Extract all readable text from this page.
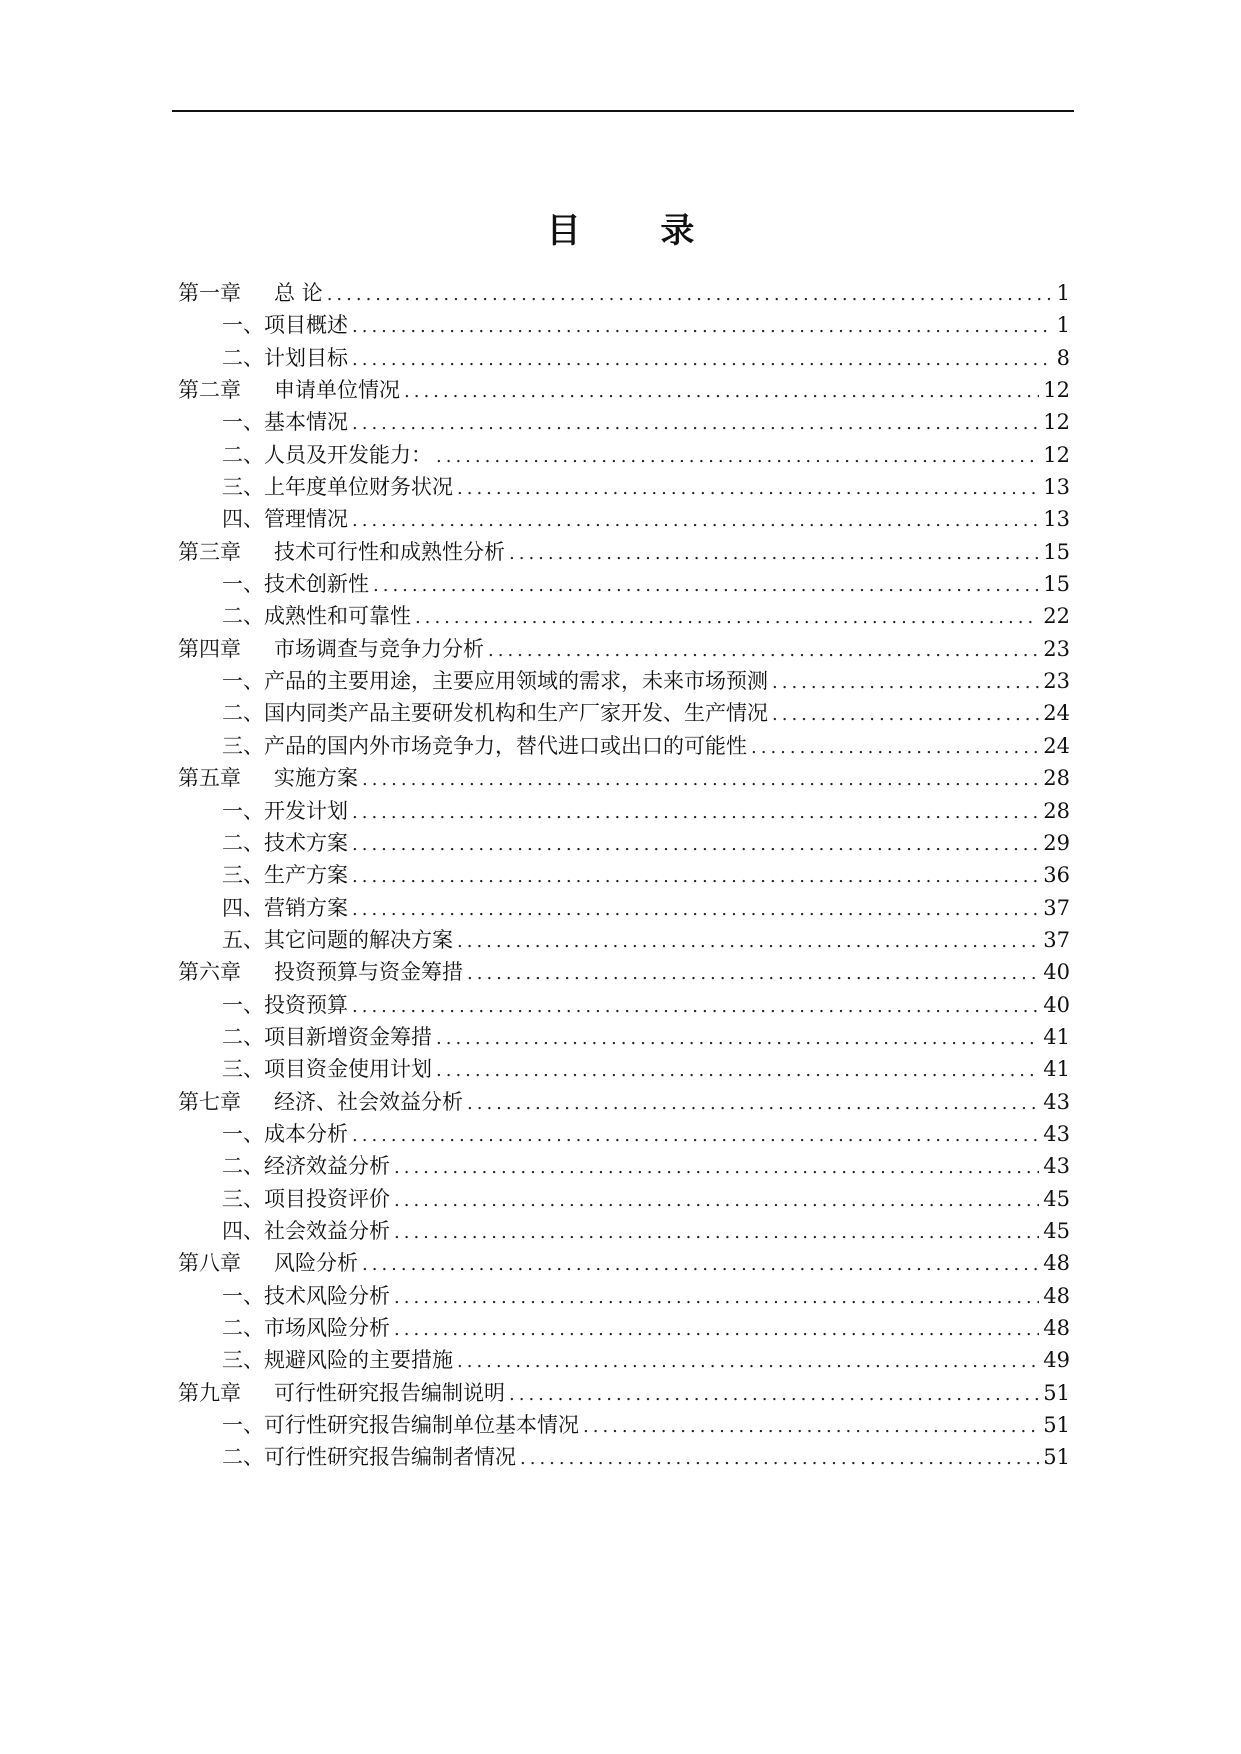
目 录
第一章 总 论 .....	1
一、项目概述 .....	1
二、计划目标 .....	8
第二章 申请单位情况 .....	12
一、基本情况 .....	12
二、人员及开发能力： .....	12
三、上年度单位财务状况 .....	13
四、管理情况 .....	13
第三章 技术可行性和成熟性分析 .....	15
一、技术创新性 .....	15
二、成熟性和可靠性 .....	22
第四章 市场调查与竞争力分析 .....	23
一、产品的主要用途，主要应用领域的需求，未来市场预测 .....	23
二、国内同类产品主要研发机构和生产厂家开发、生产情况 .....	24
三、产品的国内外市场竞争力，替代进口或出口的可能性 .....	24
第五章 实施方案 .....	28
一、开发计划 .....	28
二、技术方案 .....	29
三、生产方案 .....	36
四、营销方案 .....	37
五、其它问题的解决方案 .....	37
第六章 投资预算与资金筹措 .....	40
一、投资预算 .....	40
二、项目新增资金筹措 .....	41
三、项目资金使用计划 .....	41
第七章 经济、社会效益分析 .....	43
一、成本分析 .....	43
二、经济效益分析 .....	43
三、项目投资评价 .....	45
四、社会效益分析 .....	45
第八章 风险分析 .....	48
一、技术风险分析 .....	48
二、市场风险分析 .....	48
三、规避风险的主要措施 .....	49
第九章 可行性研究报告编制说明 .....	51
一、可行性研究报告编制单位基本情况 .....	51
二、可行性研究报告编制者情况 .....	51
